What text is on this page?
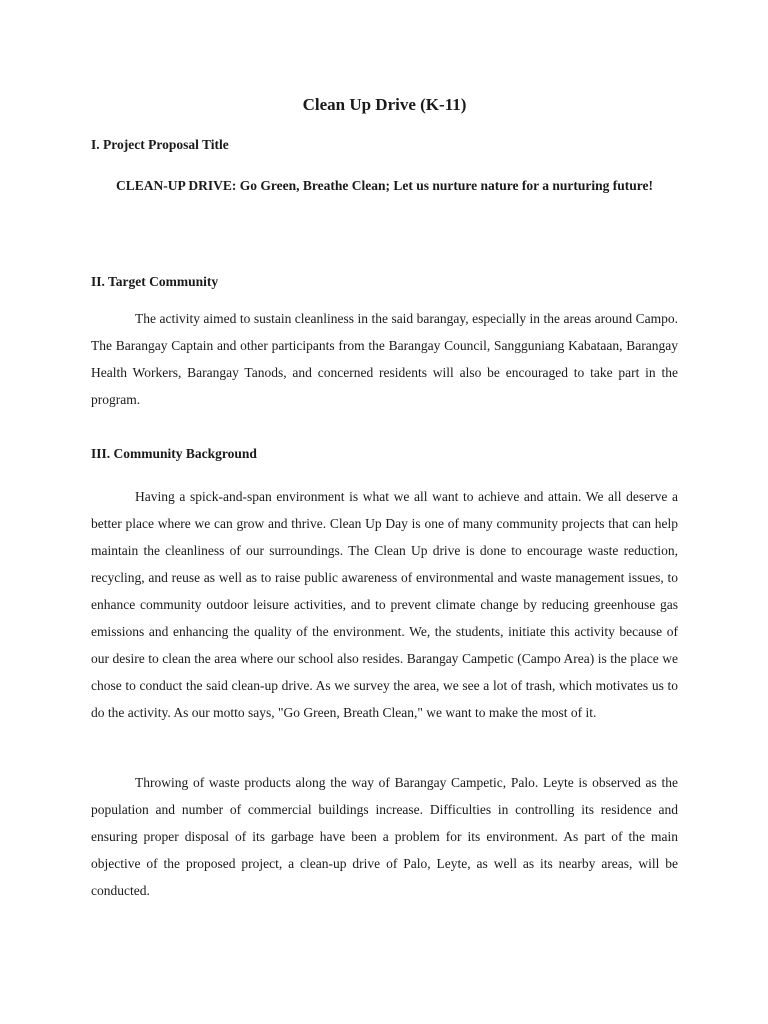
Clean Up Drive (K-11)
I. Project Proposal Title

CLEAN-UP DRIVE: Go Green, Breathe Clean; Let us nurture nature for a nurturing future!

II. Target Community

The activity aimed to sustain cleanliness in the said barangay, especially in the areas around Campo. The Barangay Captain and other participants from the Barangay Council, Sangguniang Kabataan, Barangay Health Workers, Barangay Tanods, and concerned residents will also be encouraged to take part in the program.

III. Community Background

Having a spick-and-span environment is what we all want to achieve and attain. We all deserve a better place where we can grow and thrive. Clean Up Day is one of many community projects that can help maintain the cleanliness of our surroundings. The Clean Up drive is done to encourage waste reduction, recycling, and reuse as well as to raise public awareness of environmental and waste management issues, to enhance community outdoor leisure activities, and to prevent climate change by reducing greenhouse gas emissions and enhancing the quality of the environment. We, the students, initiate this activity because of our desire to clean the area where our school also resides. Barangay Campetic (Campo Area) is the place we chose to conduct the said clean-up drive. As we survey the area, we see a lot of trash, which motivates us to do the activity. As our motto says, "Go Green, Breath Clean," we want to make the most of it.

Throwing of waste products along the way of Barangay Campetic, Palo. Leyte is observed as the population and number of commercial buildings increase. Difficulties in controlling its residence and ensuring proper disposal of its garbage have been a problem for its environment. As part of the main objective of the proposed project, a clean-up drive of Palo, Leyte, as well as its nearby areas, will be conducted.
